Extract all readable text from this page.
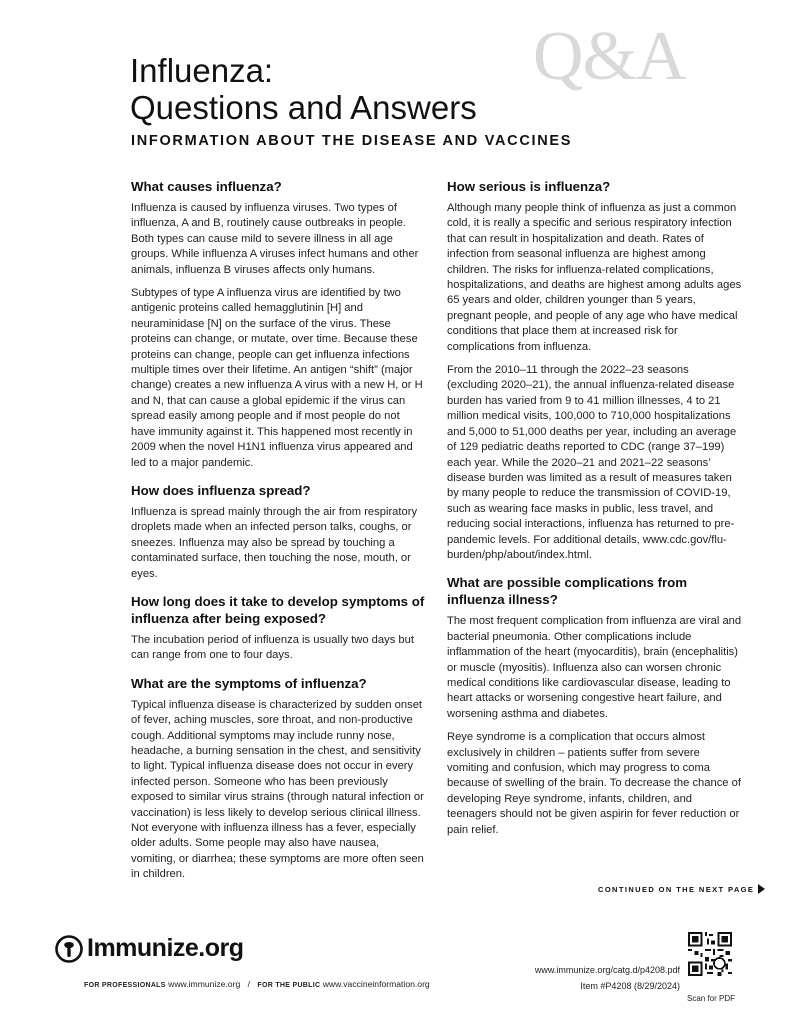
Q&A
Influenza:
Questions and Answers
INFORMATION ABOUT THE DISEASE AND VACCINES
What causes influenza?

Influenza is caused by influenza viruses. Two types of influenza, A and B, routinely cause outbreaks in people. Both types can cause mild to severe illness in all age groups. While influenza A viruses infect humans and other animals, influenza B viruses affects only humans.

Subtypes of type A influenza virus are identified by two antigenic proteins called hemagglutinin [H] and neuraminidase [N] on the surface of the virus. These proteins can change, or mutate, over time. Because these proteins can change, people can get influenza infections multiple times over their lifetime. An antigen “shift” (major change) creates a new influenza A virus with a new H, or H and N, that can cause a global epidemic if the virus can spread easily among people and if most people do not have immunity against it. This happened most recently in 2009 when the novel H1N1 influenza virus appeared and led to a major pandemic.

How does influenza spread?

Influenza is spread mainly through the air from respiratory droplets made when an infected person talks, coughs, or sneezes. Influenza may also be spread by touching a contaminated surface, then touching the nose, mouth, or eyes.

How long does it take to develop symptoms of influenza after being exposed?

The incubation period of influenza is usually two days but can range from one to four days.

What are the symptoms of influenza?

Typical influenza disease is characterized by sudden onset of fever, aching muscles, sore throat, and non-productive cough. Additional symptoms may include runny nose, headache, a burning sensation in the chest, and sensitivity to light. Typical influenza disease does not occur in every infected person. Someone who has been previously exposed to similar virus strains (through natural infection or vaccination) is less likely to develop serious clinical illness. Not everyone with influenza illness has a fever, especially older adults. Some people may also have nausea, vomiting, or diarrhea; these symptoms are more often seen in children.

How serious is influenza?

Although many people think of influenza as just a common cold, it is really a specific and serious respiratory infection that can result in hospitalization and death. Rates of infection from seasonal influenza are highest among children. The risks for influenza-related complications, hospitalizations, and deaths are highest among adults ages 65 years and older, children younger than 5 years, pregnant people, and people of any age who have medical conditions that place them at increased risk for complications from influenza.

From the 2010–11 through the 2022–23 seasons (excluding 2020–21), the annual influenza-related disease burden has varied from 9 to 41 million illnesses, 4 to 21 million medical visits, 100,000 to 710,000 hospitalizations and 5,000 to 51,000 deaths per year, including an average of 129 pediatric deaths reported to CDC (range 37–199) each year. While the 2020–21 and 2021–22 seasons’ disease burden was limited as a result of measures taken by many people to reduce the transmission of COVID-19, such as wearing face masks in public, less travel, and reducing social interactions, influenza has returned to pre-pandemic levels. For additional details, www.cdc.gov/flu-burden/php/about/index.html.

What are possible complications from influenza illness?

The most frequent complication from influenza are viral and bacterial pneumonia. Other complications include inflammation of the heart (myocarditis), brain (encephalitis) or muscle (myositis). Influenza also can worsen chronic medical conditions like cardiovascular disease, leading to heart attacks or worsening congestive heart failure, and worsening asthma and diabetes.

Reye syndrome is a complication that occurs almost exclusively in children – patients suffer from severe vomiting and confusion, which may progress to coma because of swelling of the brain. To decrease the chance of developing Reye syndrome, infants, children, and teenagers should not be given aspirin for fever reduction or pain relief.

CONTINUED ON THE NEXT PAGE
Immunize.org
FOR PROFESSIONALS www.immunize.org / FOR THE PUBLIC www.vaccineinformation.org
www.immunize.org/catg.d/p4208.pdf
Item #P4208 (8/29/2024)
Scan for PDF
